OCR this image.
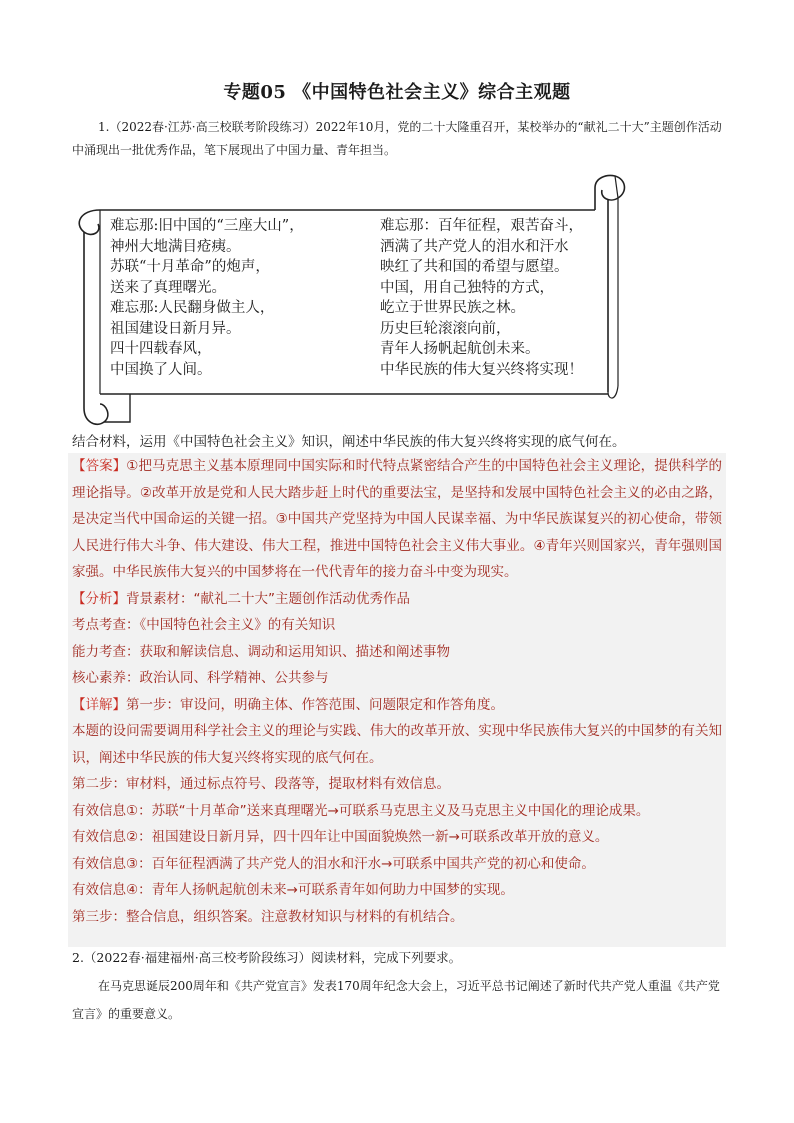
专题05 《中国特色社会主义》综合主观题
1.（2022春·江苏·高三校联考阶段练习）2022年10月，党的二十大隆重召开，某校举办的“献礼二十大”主题创作活动中涌现出一批优秀作品，笔下展现出了中国力量、青年担当。
难忘那:旧中国的“三座大山”，
神州大地满目疮痍。
苏联“十月革命”的炮声，
送来了真理曙光。
难忘那:人民翻身做主人，
祖国建设日新月异。
四十四载春风，
中国换了人间。
难忘那：百年征程，艰苦奋斗，
洒满了共产党人的泪水和汗水
映红了共和国的希望与愿望。
中国，用自己独特的方式，
屹立于世界民族之林。
历史巨轮滚滚向前，
青年人扬帆起航创未来。
中华民族的伟大复兴终将实现！
结合材料，运用《中国特色社会主义》知识，阐述中华民族的伟大复兴终将实现的底气何在。

【答案】①把马克思主义基本原理同中国实际和时代特点紧密结合产生的中国特色社会主义理论，提供科学的理论指导。②改革开放是党和人民大踏步赶上时代的重要法宝，是坚持和发展中国特色社会主义的必由之路，是决定当代中国命运的关键一招。③中国共产党坚持为中国人民谋幸福、为中华民族谋复兴的初心使命，带领人民进行伟大斗争、伟大建设、伟大工程，推进中国特色社会主义伟大事业。④青年兴则国家兴，青年强则国家强。中华民族伟大复兴的中国梦将在一代代青年的接力奋斗中变为现实。

【分析】背景素材：“献礼二十大”主题创作活动优秀作品
考点考查：《中国特色社会主义》的有关知识
能力考查：获取和解读信息、调动和运用知识、描述和阐述事物
核心素养：政治认同、科学精神、公共参与
【详解】第一步：审设问，明确主体、作答范围、问题限定和作答角度。

本题的设问需要调用科学社会主义的理论与实践、伟大的改革开放、实现中华民族伟大复兴的中国梦的有关知识，阐述中华民族的伟大复兴终将实现的底气何在。

第二步：审材料，通过标点符号、段落等，提取材料有效信息。
有效信息①：苏联“十月革命”送来真理曙光→可联系马克思主义及马克思主义中国化的理论成果。
有效信息②：祖国建设日新月异，四十四年让中国面貌焕然一新→可联系改革开放的意义。
有效信息③：百年征程洒满了共产党人的泪水和汗水→可联系中国共产党的初心和使命。
有效信息④：青年人扬帆起航创未来→可联系青年如何助力中国梦的实现。
第三步：整合信息，组织答案。注意教材知识与材料的有机结合。
2.（2022春·福建福州·高三校考阶段练习）阅读材料，完成下列要求。
在马克思诞辰200周年和《共产党宣言》发表170周年纪念大会上，习近平总书记阐述了新时代共产党人重温《共产党宣言》的重要意义。
